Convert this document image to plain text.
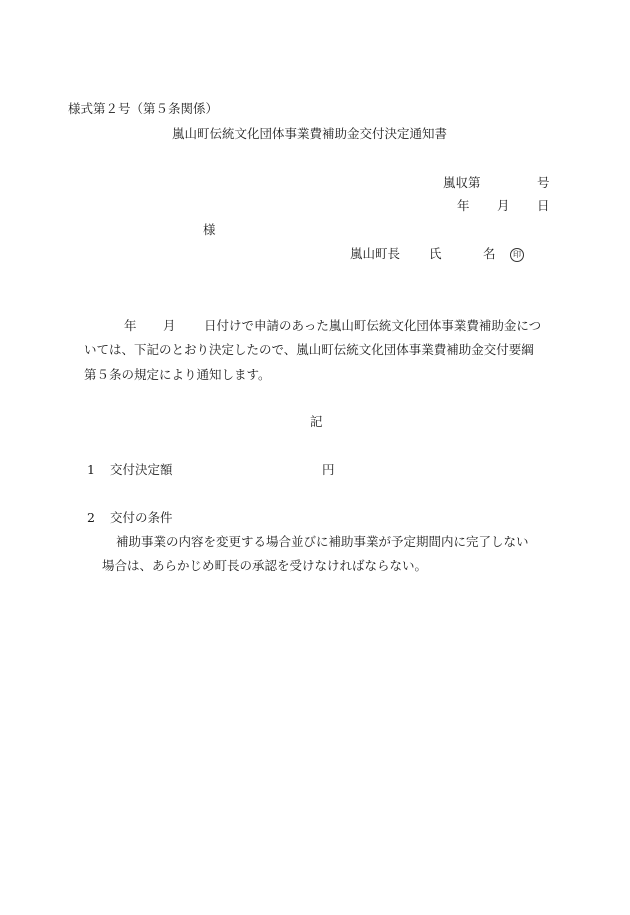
様式第２号（第５条関係）
嵐山町伝統文化団体事業費補助金交付決定通知書
嵐収第	号
年 月 日
様
嵐山町長 氏	名	印
年 月 日付けで申請のあった嵐山町伝統文化団体事業費補助金につ
いては、下記のとおり決定したので、嵐山町伝統文化団体事業費補助金交付要綱
第５条の規定により通知します。
記
1 交付決定額	円
2 交付の条件
補助事業の内容を変更する場合並びに補助事業が予定期間内に完了しない
場合は、あらかじめ町長の承認を受けなければならない。
